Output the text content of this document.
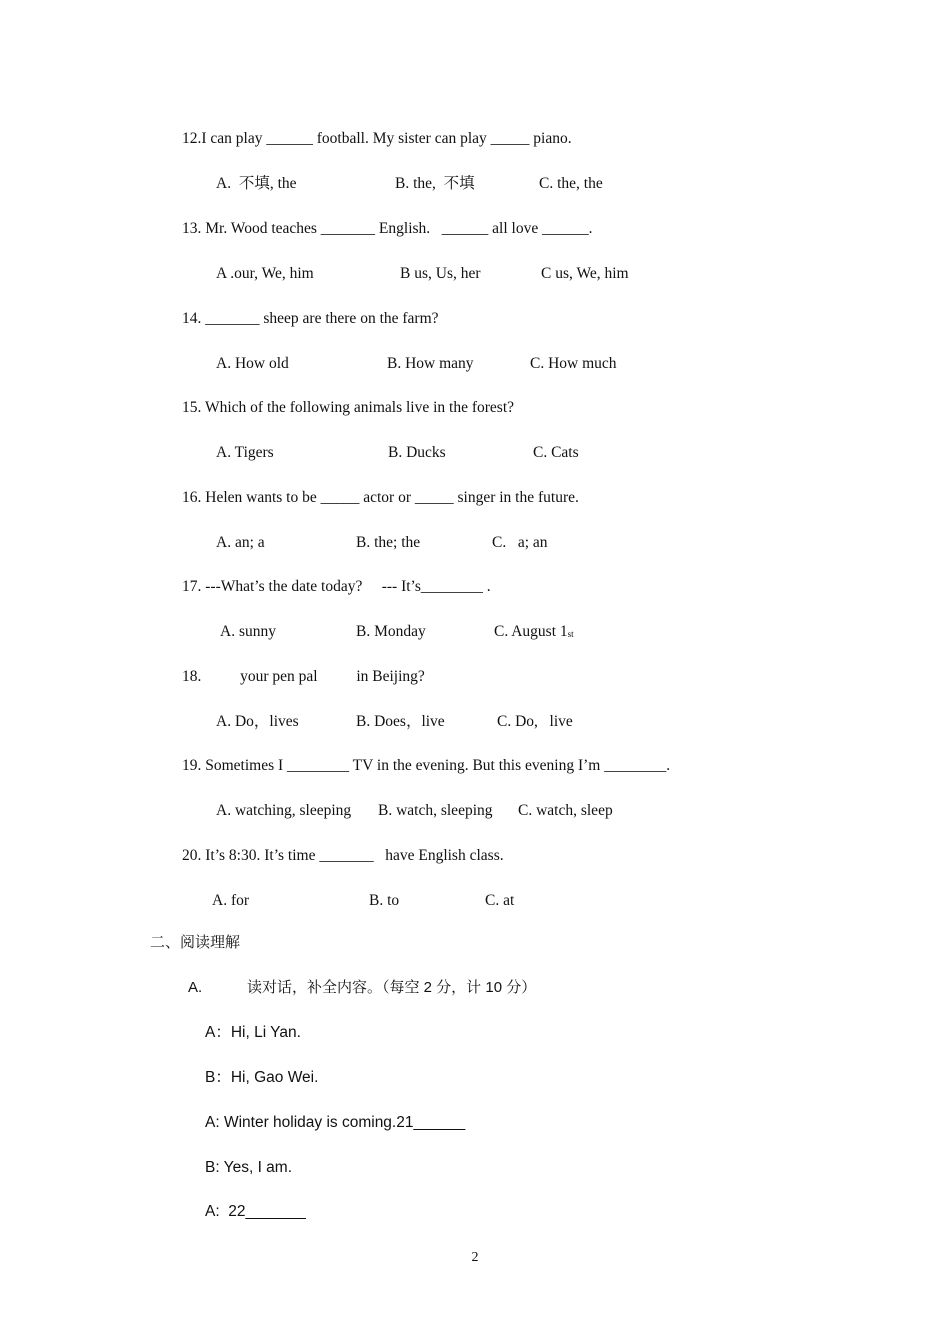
12.I can play ______ football. My sister can play _____ piano.
A.  不填, the	B. the,  不填	C. the, the
13. Mr. Wood teaches _______ English.   ______ all love ______.
A .our, We, him	B us, Us, her	C us, We, him
14. _______ sheep are there on the farm?
A. How old	B. How many	C. How much
15. Which of the following animals live in the forest?
A. Tigers	B. Ducks	C. Cats
16. Helen wants to be _____ actor or _____ singer in the future.
A. an; a	B. the; the	C.   a; an
17. ---What’s the date today?     --- It’s________ .
A. sunny	B. Monday	C. August 1st
18.          your pen pal          in Beijing?
A. Do，lives	B. Does，live	C. Do,   live
19. Sometimes I ________ TV in the evening. But this evening I’m ________.
A. watching, sleeping B. watch, sleeping C. watch, sleep
20. It’s 8:30. It’s time _______   have English class.
A. for	B. to	C. at
二、阅读理解
A.	读对话，补全内容。（每空 2 分，计 10 分）
A：Hi, Li Yan.
B：Hi, Gao Wei.
A: Winter holiday is coming.21______
B: Yes, I am.
A:  22_______
2
